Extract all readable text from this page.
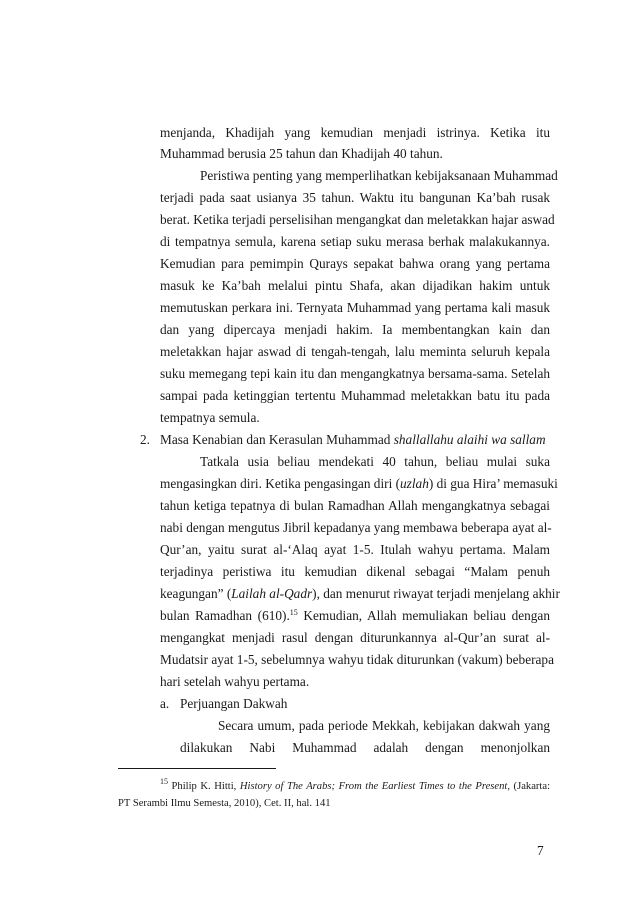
menjanda, Khadijah yang kemudian menjadi istrinya. Ketika itu
Muhammad berusia 25 tahun dan Khadijah 40 tahun.
Peristiwa penting yang memperlihatkan kebijaksanaan Muhammad
terjadi pada saat usianya 35 tahun. Waktu itu bangunan Ka’bah rusak
berat. Ketika terjadi perselisihan mengangkat dan meletakkan hajar aswad
di tempatnya semula, karena setiap suku merasa berhak malakukannya.
Kemudian para pemimpin Qurays sepakat bahwa orang yang pertama
masuk ke Ka’bah melalui pintu Shafa, akan dijadikan hakim untuk
memutuskan perkara ini. Ternyata Muhammad yang pertama kali masuk
dan yang dipercaya menjadi hakim. Ia membentangkan kain dan
meletakkan hajar aswad di tengah-tengah, lalu meminta seluruh kepala
suku memegang tepi kain itu dan mengangkatnya bersama-sama. Setelah
sampai pada ketinggian tertentu Muhammad meletakkan batu itu pada
tempatnya semula.
2. Masa Kenabian dan Kerasulan Muhammad shallallahu alaihi wa sallam
Tatkala usia beliau mendekati 40 tahun, beliau mulai suka
mengasingkan diri. Ketika pengasingan diri (uzlah) di gua Hira’ memasuki
tahun ketiga tepatnya di bulan Ramadhan Allah mengangkatnya sebagai
nabi dengan mengutus Jibril kepadanya yang membawa beberapa ayat al-
Qur’an, yaitu surat al-‘Alaq ayat 1-5. Itulah wahyu pertama. Malam
terjadinya peristiwa itu kemudian dikenal sebagai “Malam penuh
keagungan” (Lailah al-Qadr), dan menurut riwayat terjadi menjelang akhir
bulan Ramadhan (610).$^{15}$ Kemudian, Allah memuliakan beliau dengan
mengangkat menjadi rasul dengan diturunkannya al-Qur’an surat al-
Mudatsir ayat 1-5, sebelumnya wahyu tidak diturunkan (vakum) beberapa
hari setelah wahyu pertama.
a. Perjuangan Dakwah
Secara umum, pada periode Mekkah, kebijakan dakwah yang
dilakukan Nabi Muhammad adalah dengan menonjolkan
$^{15}$ Philip K. Hitti, History of The Arabs; From the Earliest Times to the Present, (Jakarta:
PT Serambi Ilmu Semesta, 2010), Cet. II, hal. 141
7
